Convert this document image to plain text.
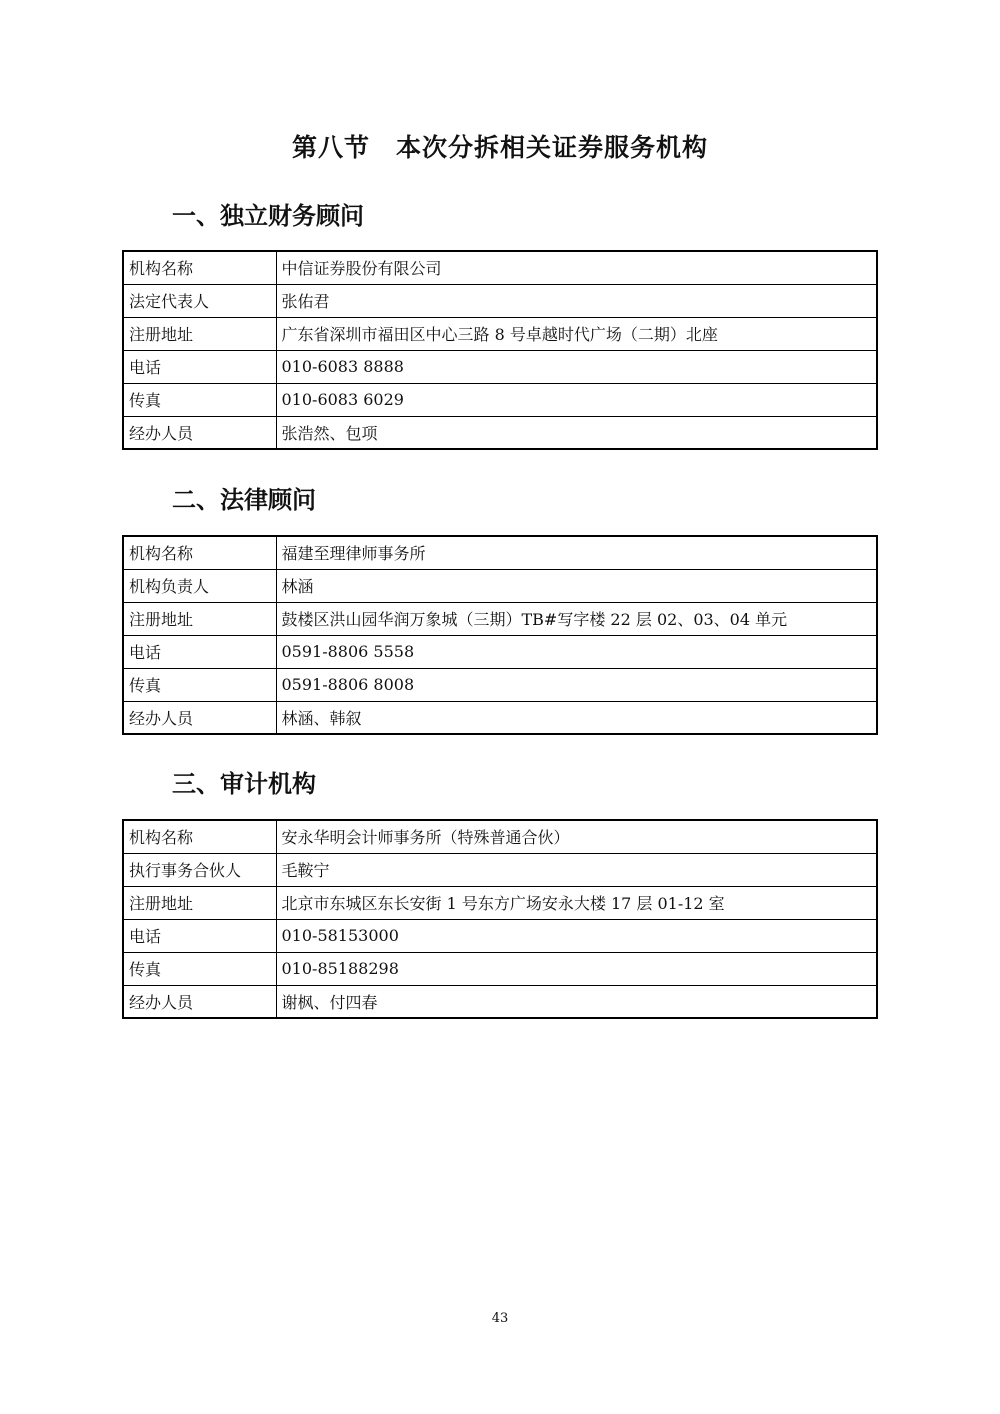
第八节　本次分拆相关证券服务机构
一、独立财务顾问
机构名称	中信证券股份有限公司
法定代表人	张佑君
注册地址	广东省深圳市福田区中心三路 8 号卓越时代广场（二期）北座
电话	010-6083 8888
传真	010-6083 6029
经办人员	张浩然、包项
二、法律顾问
机构名称	福建至理律师事务所
机构负责人	林涵
注册地址	鼓楼区洪山园华润万象城（三期）TB#写字楼 22 层 02、03、04 单元
电话	0591-8806 5558
传真	0591-8806 8008
经办人员	林涵、韩叙
三、审计机构
机构名称	安永华明会计师事务所（特殊普通合伙）
执行事务合伙人	毛鞍宁
注册地址	北京市东城区东长安街 1 号东方广场安永大楼 17 层 01-12 室
电话	010-58153000
传真	010-85188298
经办人员	谢枫、付四春
43
